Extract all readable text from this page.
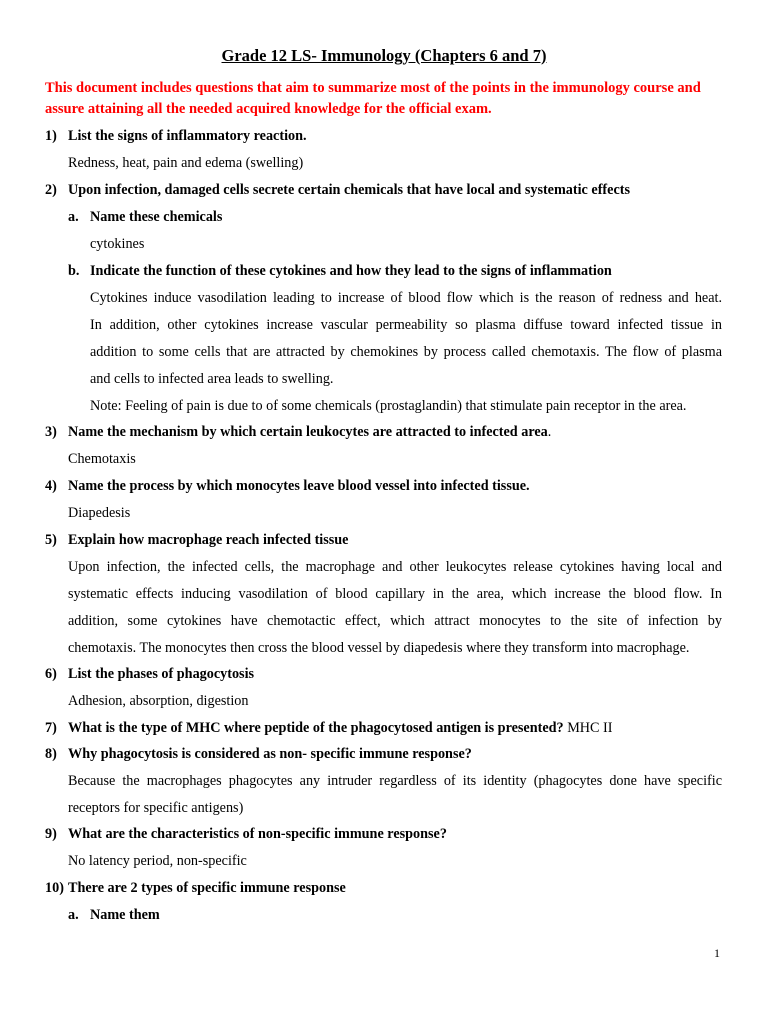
Grade 12 LS- Immunology (Chapters 6 and 7)
This document includes questions that aim to summarize most of the points in the immunology course and assure attaining all the needed acquired knowledge for the official exam.
1) List the signs of inflammatory reaction.
Redness, heat, pain and edema (swelling)
2) Upon infection, damaged cells secrete certain chemicals that have local and systematic effects
a. Name these chemicals
cytokines
b. Indicate the function of these cytokines and how they lead to the signs of inflammation
Cytokines induce vasodilation leading to increase of blood flow which is the reason of redness and heat.
In addition, other cytokines increase vascular permeability so plasma diffuse toward infected tissue in
addition to some cells that are attracted by chemokines by process called chemotaxis. The flow of plasma
and cells to infected area leads to swelling.
Note: Feeling of pain is due to of some chemicals (prostaglandin) that stimulate pain receptor in the area.
3) Name the mechanism by which certain leukocytes are attracted to infected area.
Chemotaxis
4) Name the process by which monocytes leave blood vessel into infected tissue.
Diapedesis
5) Explain how macrophage reach infected tissue
Upon infection, the infected cells, the macrophage and other leukocytes release cytokines having local and
systematic effects inducing vasodilation of blood capillary in the area, which increase the blood flow. In
addition, some cytokines have chemotactic effect, which attract monocytes to the site of infection by
chemotaxis. The monocytes then cross the blood vessel by diapedesis where they transform into macrophage.
6) List the phases of phagocytosis
Adhesion, absorption, digestion
7) What is the type of MHC where peptide of the phagocytosed antigen is presented? MHC II
8) Why phagocytosis is considered as non- specific immune response?
Because the macrophages phagocytes any intruder regardless of its identity (phagocytes done have specific
receptors for specific antigens)
9) What are the characteristics of non-specific immune response?
No latency period, non-specific
10) There are 2 types of specific immune response
a. Name them
1
